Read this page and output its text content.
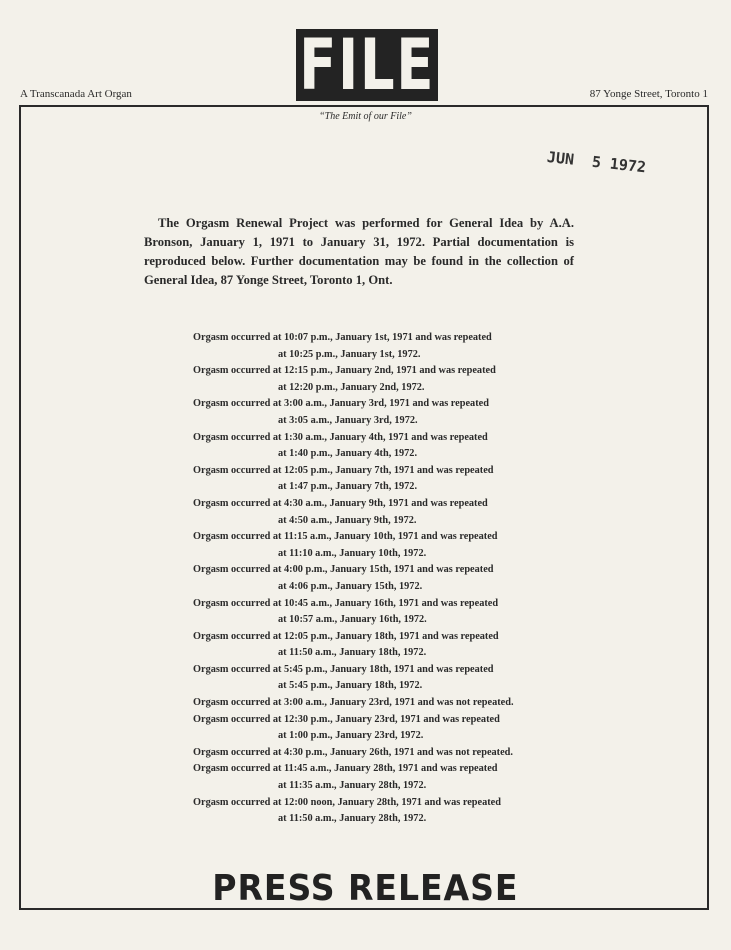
FILE
A Transcanada Art Organ	87 Yonge Street, Toronto 1
“The Emit of our File”
JUN  5 1972
The Orgasm Renewal Project was performed for General Idea by A.A. Bronson, January 1, 1971 to January 31, 1972. Partial documentation is reproduced below. Further documentation may be found in the collection of General Idea, 87 Yonge Street, Toronto 1, Ont.
Orgasm occurred at 10:07 p.m., January 1st, 1971 and was repeated
at 10:25 p.m., January 1st, 1972.
Orgasm occurred at 12:15 p.m., January 2nd, 1971 and was repeated
at 12:20 p.m., January 2nd, 1972.
Orgasm occurred at 3:00 a.m., January 3rd, 1971 and was repeated
at 3:05 a.m., January 3rd, 1972.
Orgasm occurred at 1:30 a.m., January 4th, 1971 and was repeated
at 1:40 p.m., January 4th, 1972.
Orgasm occurred at 12:05 p.m., January 7th, 1971 and was repeated
at 1:47 p.m., January 7th, 1972.
Orgasm occurred at 4:30 a.m., January 9th, 1971 and was repeated
at 4:50 a.m., January 9th, 1972.
Orgasm occurred at 11:15 a.m., January 10th, 1971 and was repeated
at 11:10 a.m., January 10th, 1972.
Orgasm occurred at 4:00 p.m., January 15th, 1971 and was repeated
at 4:06 p.m., January 15th, 1972.
Orgasm occurred at 10:45 a.m., January 16th, 1971 and was repeated
at 10:57 a.m., January 16th, 1972.
Orgasm occurred at 12:05 p.m., January 18th, 1971 and was repeated
at 11:50 a.m., January 18th, 1972.
Orgasm occurred at 5:45 p.m., January 18th, 1971 and was repeated
at 5:45 p.m., January 18th, 1972.
Orgasm occurred at 3:00 a.m., January 23rd, 1971 and was not repeated.
Orgasm occurred at 12:30 p.m., January 23rd, 1971 and was repeated
at 1:00 p.m., January 23rd, 1972.
Orgasm occurred at 4:30 p.m., January 26th, 1971 and was not repeated.
Orgasm occurred at 11:45 a.m., January 28th, 1971 and was repeated
at 11:35 a.m., January 28th, 1972.
Orgasm occurred at 12:00 noon, January 28th, 1971 and was repeated
at 11:50 a.m., January 28th, 1972.
PRESS RELEASE
